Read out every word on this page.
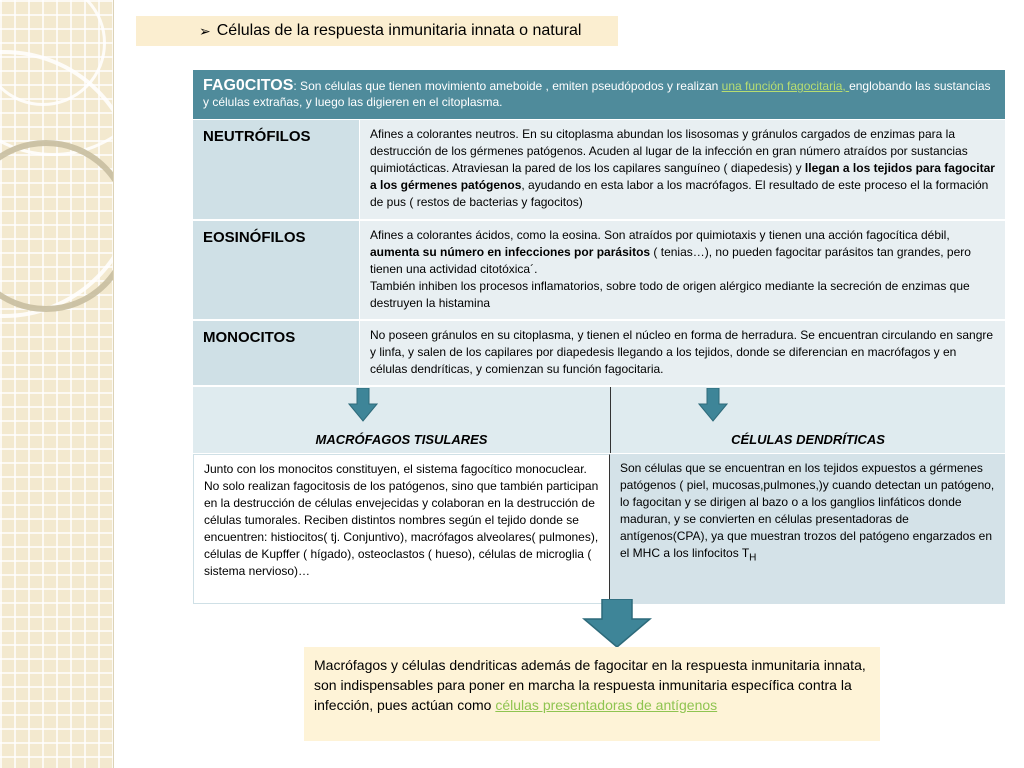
➢ Células de la respuesta inmunitaria innata o natural
FAG0CITOS: Son células que tienen movimiento ameboide , emiten pseudópodos y realizan una función fagocitaria, englobando las sustancias y células extrañas, y luego las digieren en el citoplasma.
NEUTRÓFILOS	Afines a colorantes neutros. En su citoplasma abundan los lisosomas y gránulos cargados de enzimas para la destrucción de los gérmenes patógenos. Acuden al lugar de la infección en gran número atraídos por sustancias quimiotácticas. Atraviesan la pared de los los capilares sanguíneo ( diapedesis) y llegan a los tejidos para fagocitar a los gérmenes patógenos, ayudando en esta labor a los macrófagos. El resultado de este proceso el la formación de pus ( restos de bacterias y fagocitos)
EOSINÓFILOS	Afines a colorantes ácidos, como la eosina. Son atraídos por quimiotaxis y tienen una acción fagocítica débil, aumenta su número en infecciones por parásitos ( tenias…), no pueden fagocitar parásitos tan grandes, pero tienen una actividad citotóxica´.
También inhiben los procesos inflamatorios, sobre todo de origen alérgico mediante la secreción de enzimas que destruyen la histamina
MONOCITOS	No poseen gránulos en su citoplasma, y tienen el núcleo en forma de herradura. Se encuentran circulando en sangre y linfa, y salen de los capilares por diapedesis llegando a los tejidos, donde se diferencian en macrófagos y en células dendríticas, y comienzan su función fagocitaria.
MACRÓFAGOS TISULARES	CÉLULAS DENDRÍTICAS
Junto con los monocitos constituyen, el sistema fagocítico monocuclear. No solo realizan fagocitosis de los patógenos, sino que también participan en la destrucción de células envejecidas y colaboran en la destrucción de células tumorales. Reciben distintos nombres según el tejido donde se encuentren: histiocitos( tj. Conjuntivo), macrófagos alveolares( pulmones), células de Kupffer ( hígado), osteoclastos ( hueso), células de microglia ( sistema nervioso)…
Son células que se encuentran en los tejidos expuestos a gérmenes patógenos ( piel, mucosas,pulmones,)y cuando detectan un patógeno, lo fagocitan y se dirigen al bazo o a los ganglios linfáticos donde maduran, y se convierten en células presentadoras de antígenos(CPA), ya que muestran trozos del patógeno engarzados en el MHC a los linfocitos $T_H$
Macrófagos y células dendriticas además de fagocitar en la respuesta inmunitaria innata, son indispensables para poner en marcha la respuesta inmunitaria específica contra la infección, pues actúan como células presentadoras de antígenos
